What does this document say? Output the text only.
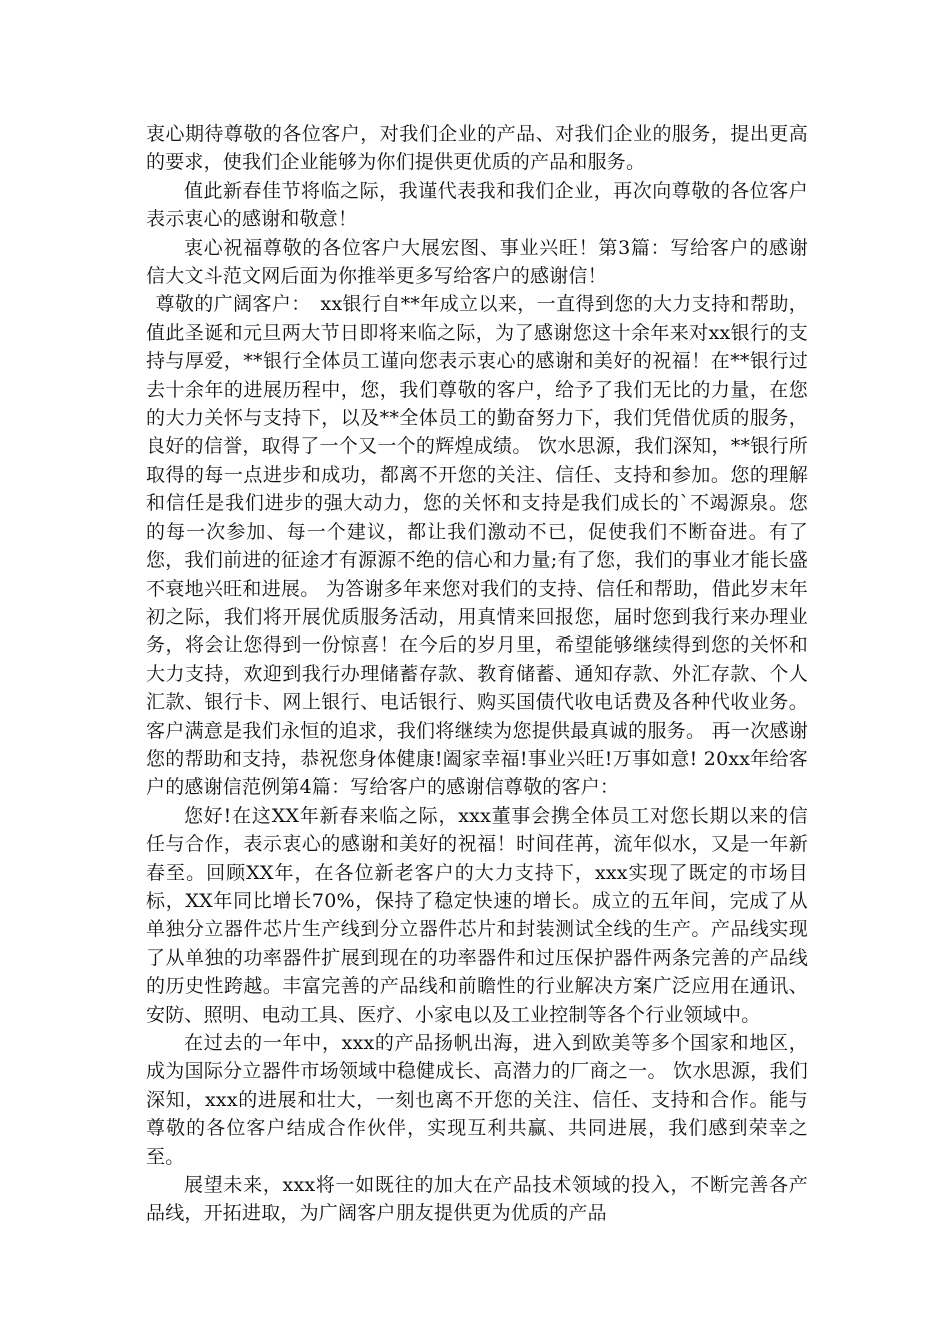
衷心期待尊敬的各位客户，对我们企业的产品、对我们企业的服务，提出更高的要求，使我们企业能够为你们提供更优质的产品和服务。

值此新春佳节将临之际，我谨代表我和我们企业，再次向尊敬的各位客户表示衷心的感谢和敬意！

衷心祝福尊敬的各位客户大展宏图、事业兴旺！第3篇：写给客户的感谢信大文斗范文网后面为你推举更多写给客户的感谢信！

尊敬的广阔客户：　xx银行自**年成立以来，一直得到您的大力支持和帮助，值此圣诞和元旦两大节日即将来临之际，为了感谢您这十余年来对xx银行的支持与厚爱，**银行全体员工谨向您表示衷心的感谢和美好的祝福！在**银行过去十余年的进展历程中，您，我们尊敬的客户，给予了我们无比的力量，在您的大力关怀与支持下，以及**全体员工的勤奋努力下，我们凭借优质的服务，良好的信誉，取得了一个又一个的辉煌成绩。 饮水思源，我们深知，**银行所取得的每一点进步和成功，都离不开您的关注、信任、支持和参加。您的理解和信任是我们进步的强大动力，您的关怀和支持是我们成长的`不竭源泉。您的每一次参加、每一个建议，都让我们激动不已，促使我们不断奋进。有了您，我们前进的征途才有源源不绝的信心和力量;有了您，我们的事业才能长盛不衰地兴旺和进展。 为答谢多年来您对我们的支持、信任和帮助，借此岁末年初之际，我们将开展优质服务活动，用真情来回报您，届时您到我行来办理业务，将会让您得到一份惊喜！在今后的岁月里，希望能够继续得到您的关怀和大力支持，欢迎到我行办理储蓄存款、教育储蓄、通知存款、外汇存款、个人汇款、银行卡、网上银行、电话银行、购买国债代收电话费及各种代收业务。客户满意是我们永恒的追求，我们将继续为您提供最真诚的服务。 再一次感谢您的帮助和支持，恭祝您身体健康!阖家幸福!事业兴旺!万事如意! 20xx年给客户的感谢信范例第4篇：写给客户的感谢信尊敬的客户：

您好!在这XX年新春来临之际，xxx董事会携全体员工对您长期以来的信任与合作，表示衷心的感谢和美好的祝福！时间荏苒，流年似水，又是一年新春至。回顾XX年，在各位新老客户的大力支持下，xxx实现了既定的市场目标，XX年同比增长70%，保持了稳定快速的增长。成立的五年间，完成了从单独分立器件芯片生产线到分立器件芯片和封装测试全线的生产。产品线实现了从单独的功率器件扩展到现在的功率器件和过压保护器件两条完善的产品线的历史性跨越。丰富完善的产品线和前瞻性的行业解决方案广泛应用在通讯、安防、照明、电动工具、医疗、小家电以及工业控制等各个行业领域中。

在过去的一年中，xxx的产品扬帆出海，进入到欧美等多个国家和地区，成为国际分立器件市场领域中稳健成长、高潜力的厂商之一。 饮水思源，我们深知，xxx的进展和壮大，一刻也离不开您的关注、信任、支持和合作。能与尊敬的各位客户结成合作伙伴，实现互利共赢、共同进展，我们感到荣幸之至。

展望未来，xxx将一如既往的加大在产品技术领域的投入，不断完善各产品线，开拓进取，为广阔客户朋友提供更为优质的产品
